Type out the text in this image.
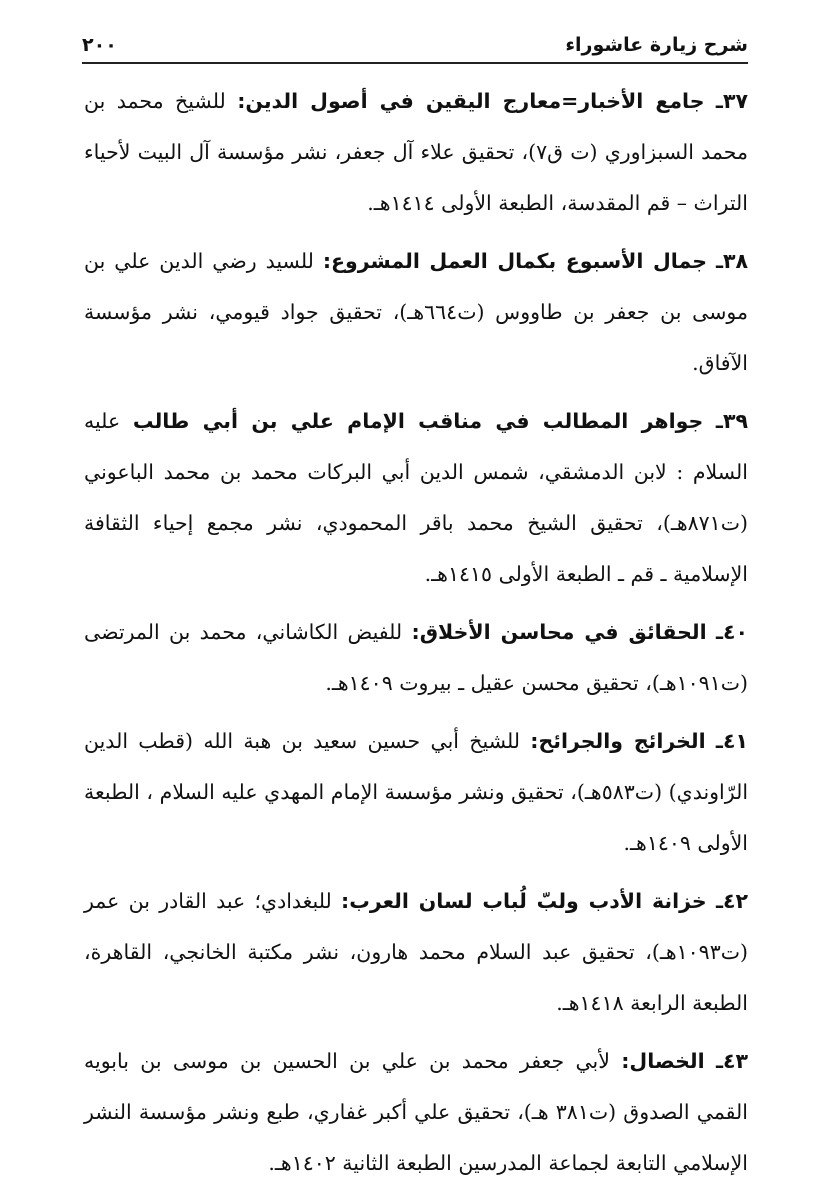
شرح زيارة عاشوراء
٢٠٠

٣٧ـ جامع الأخبار=معارج اليقين في أصول الدين: للشيخ محمد بن محمد السبزاوري (ت ق٧)، تحقيق علاء آل جعفر، نشر مؤسسة آل البيت لأحياء التراث – قم المقدسة، الطبعة الأولى ١٤١٤هـ.

٣٨ـ جمال الأسبوع بكمال العمل المشروع: للسيد رضي الدين علي بن موسى بن جعفر بن طاووس (ت٦٦٤هـ)، تحقيق جواد قيومي، نشر مؤسسة الآفاق.

٣٩ـ جواهر المطالب في مناقب الإمام علي بن أبي طالب عليه السلام : لابن الدمشقي، شمس الدين أبي البركات محمد بن محمد الباعوني (ت٨٧١هـ)، تحقيق الشيخ محمد باقر المحمودي، نشر مجمع إحياء الثقافة الإسلامية ـ قم ـ الطبعة الأولى ١٤١٥هـ.

٤٠ـ الحقائق في محاسن الأخلاق: للفيض الكاشاني، محمد بن المرتضى (ت١٠٩١هـ)، تحقيق محسن عقيل ـ بيروت ١٤٠٩هـ.

٤١ـ الخرائج والجرائح: للشيخ أبي حسين سعيد بن هبة الله (قطب الدين الرّاوندي) (ت٥٨٣هـ)، تحقيق ونشر مؤسسة الإمام المهدي عليه السلام ، الطبعة الأولى ١٤٠٩هـ.

٤٢ـ خزانة الأدب ولبّ لُباب لسان العرب: للبغدادي؛ عبد القادر بن عمر (ت١٠٩٣هـ)، تحقيق عبد السلام محمد هارون، نشر مكتبة الخانجي، القاهرة، الطبعة الرابعة ١٤١٨هـ.

٤٣ـ الخصال: لأبي جعفر محمد بن علي بن الحسين بن موسى بن بابويه القمي الصدوق (ت٣٨١ هـ)، تحقيق علي أكبر غفاري، طبع ونشر مؤسسة النشر الإسلامي التابعة لجماعة المدرسين الطبعة الثانية ١٤٠٢هـ.
